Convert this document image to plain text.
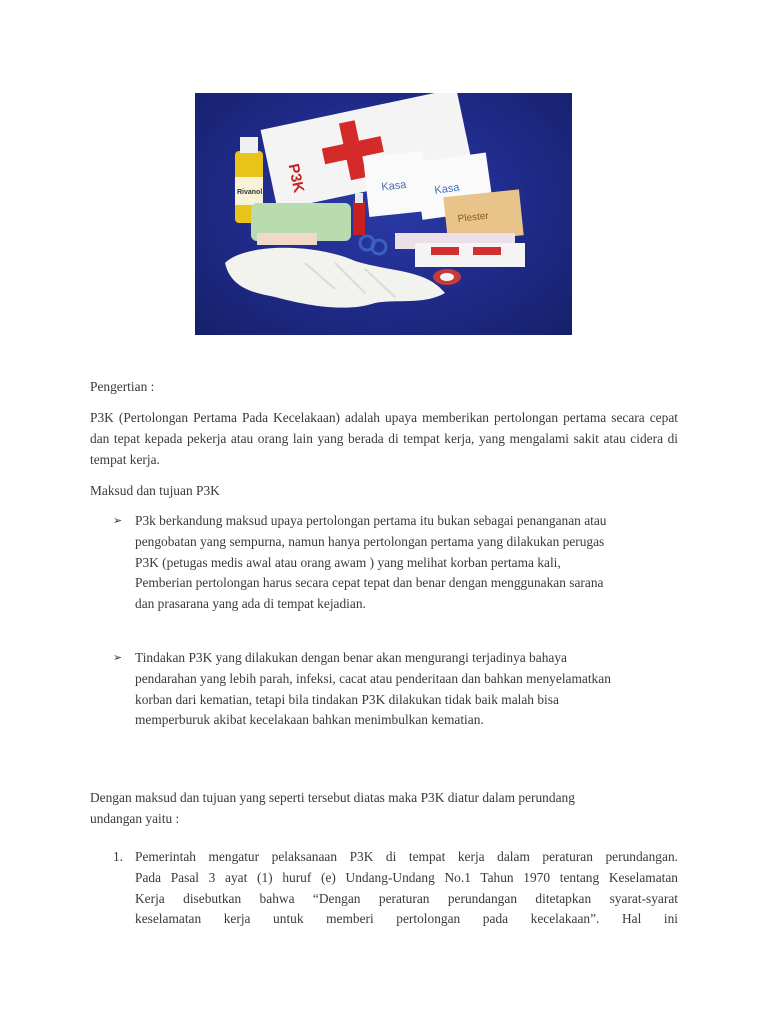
P3K
Rivanol	Kasa Kasa
Plester
Pengertian :
P3K (Pertolongan Pertama Pada Kecelakaan) adalah upaya memberikan pertolongan pertama secara cepat dan tepat kepada pekerja atau orang lain yang berada di tempat kerja, yang mengalami sakit atau cidera di tempat kerja.
Maksud dan tujuan P3K
➢ P3k berkandung maksud upaya pertolongan pertama itu bukan sebagai penanganan atau
pengobatan yang sempurna, namun hanya pertolongan pertama yang dilakukan perugas
P3K (petugas medis awal atau orang awam ) yang melihat korban pertama kali,
Pemberian pertolongan harus secara cepat tepat dan benar dengan menggunakan sarana
dan prasarana yang ada di tempat kejadian.
➢ Tindakan P3K yang dilakukan dengan benar akan mengurangi terjadinya bahaya
pendarahan yang lebih parah, infeksi, cacat atau penderitaan dan bahkan menyelamatkan
korban dari kematian, tetapi bila tindakan P3K dilakukan tidak baik malah bisa
memperburuk akibat kecelakaan bahkan menimbulkan kematian.
Dengan maksud dan tujuan yang seperti tersebut diatas maka P3K diatur dalam perundang
undangan yaitu :
1. Pemerintah mengatur pelaksanaan P3K di tempat kerja dalam peraturan perundangan.
Pada Pasal 3 ayat (1) huruf (e) Undang-Undang No.1 Tahun 1970 tentang Keselamatan
Kerja disebutkan bahwa “Dengan peraturan perundangan ditetapkan syarat-syarat
keselamatan kerja untuk memberi pertolongan pada kecelakaan”. Hal ini
